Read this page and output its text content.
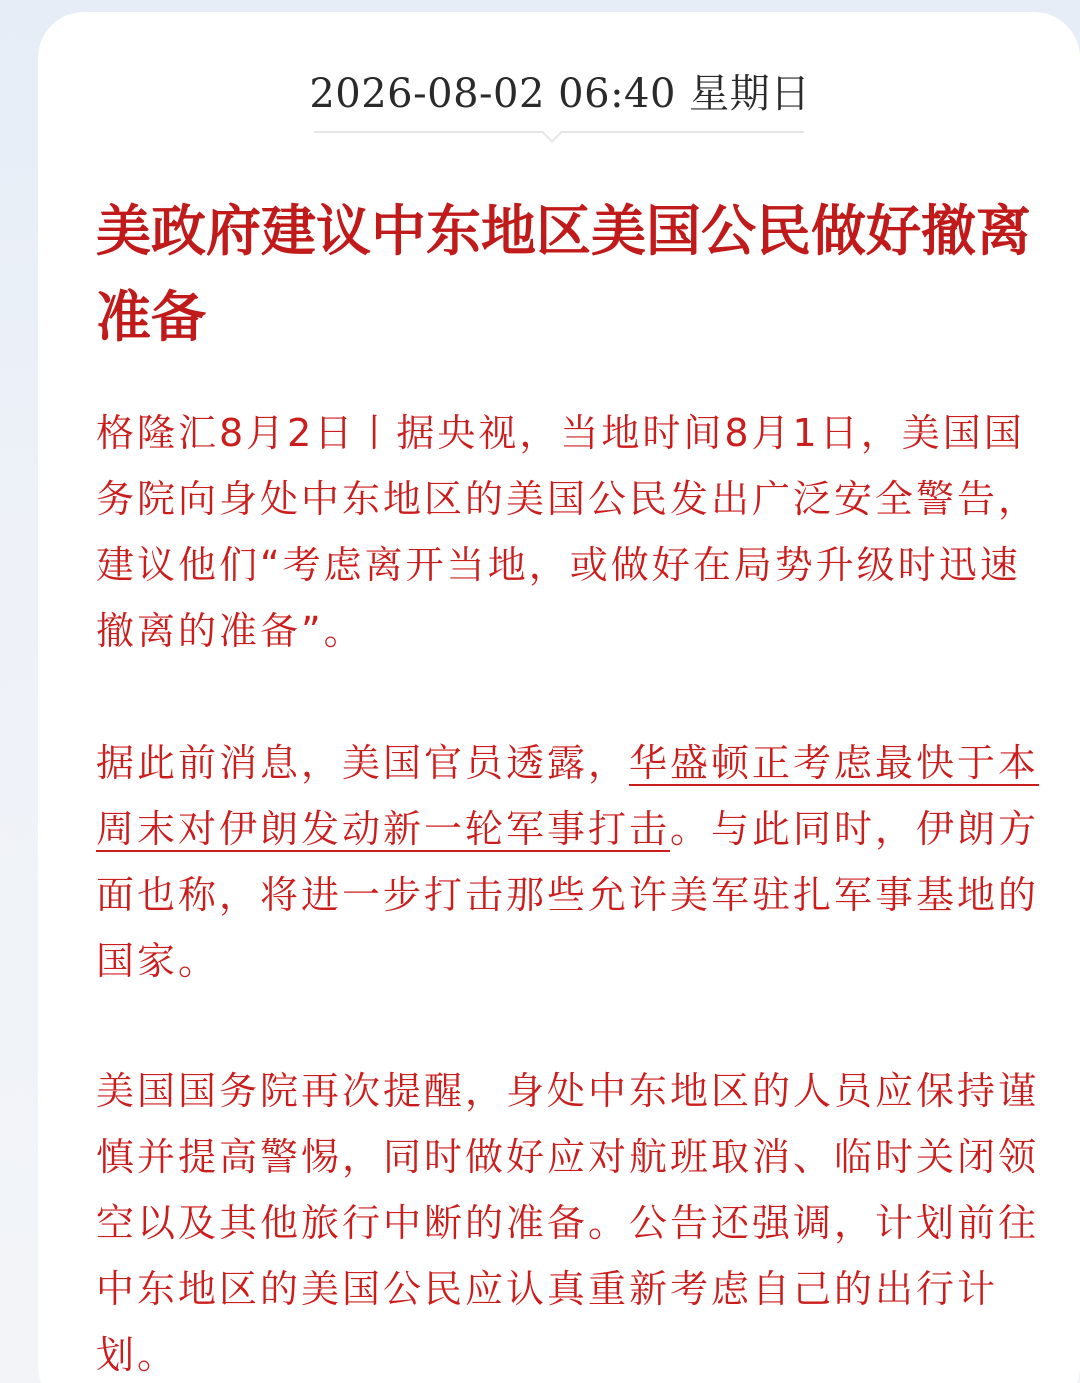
2026-08-02 06:40 星期日
美政府建议中东地区美国公民做好撤离准备

格隆汇8月2日丨据央视，当地时间8月1日，美国国务院向身处中东地区的美国公民发出广泛安全警告，建议他们“考虑离开当地，或做好在局势升级时迅速撤离的准备”。

据此前消息，美国官员透露，华盛顿正考虑最快于本周末对伊朗发动新一轮军事打击。与此同时，伊朗方面也称，将进一步打击那些允许美军驻扎军事基地的国家。

美国国务院再次提醒，身处中东地区的人员应保持谨慎并提高警惕，同时做好应对航班取消、临时关闭领空以及其他旅行中断的准备。公告还强调，计划前往中东地区的美国公民应认真重新考虑自己的出行计划。
